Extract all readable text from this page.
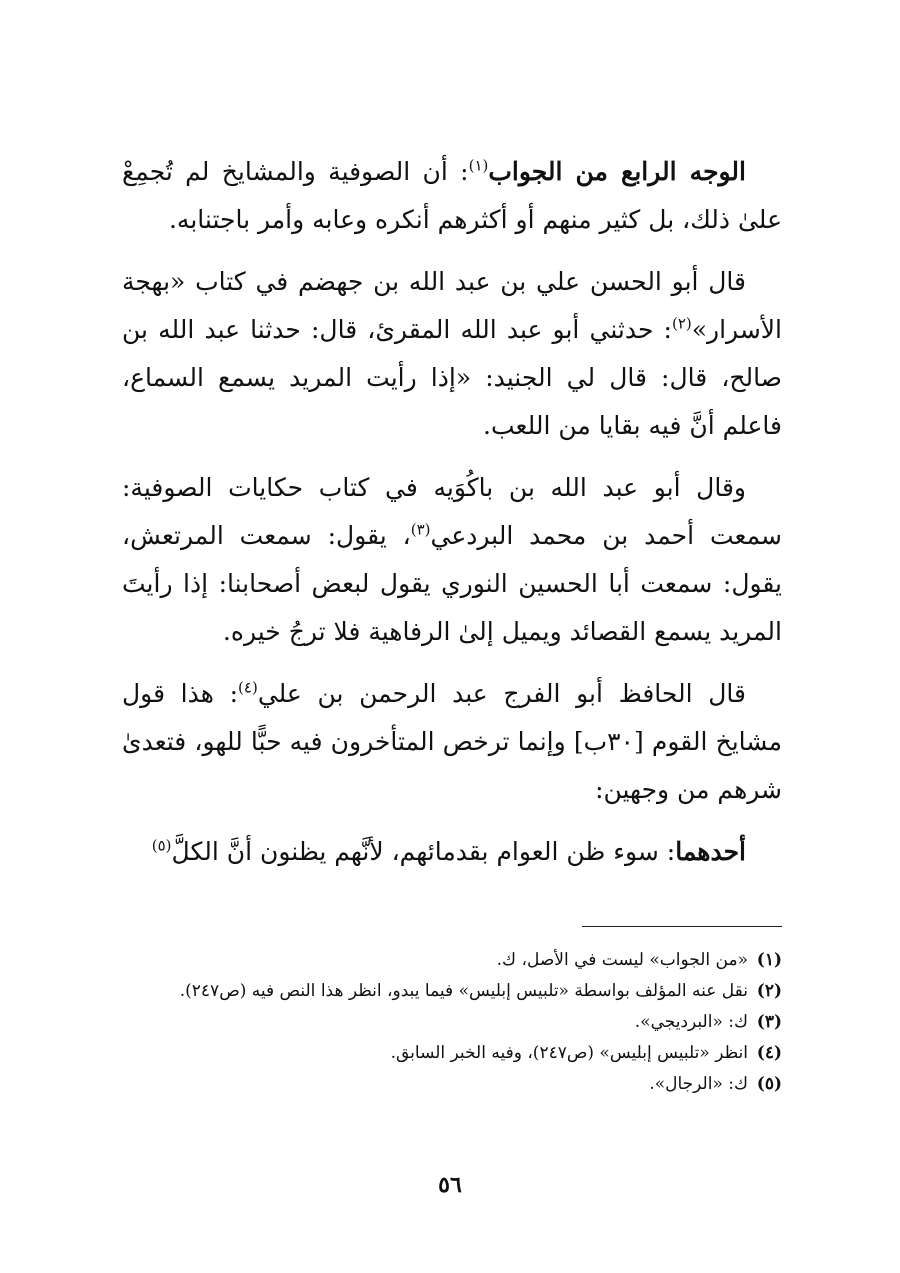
الوجه الرابع من الجواب$^{(١)}$: أن الصوفية والمشايخ لم تُجمِعْ علىٰ ذلك، بل كثير منهم أو أكثرهم أنكره وعابه وأمر باجتنابه.

قال أبو الحسن علي بن عبد الله بن جهضم في كتاب «بهجة الأسرار»$^{(٢)}$: حدثني أبو عبد الله المقرئ، قال: حدثنا عبد الله بن صالح، قال: قال لي الجنيد: «إذا رأيت المريد يسمع السماع، فاعلم أنَّ فيه بقايا من اللعب.

وقال أبو عبد الله بن باكُوَيه في كتاب حكايات الصوفية: سمعت أحمد بن محمد البردعي$^{(٣)}$، يقول: سمعت المرتعش، يقول: سمعت أبا الحسين النوري يقول لبعض أصحابنا: إذا رأيتَ المريد يسمع القصائد ويميل إلىٰ الرفاهية فلا ترجُ خيره.

قال الحافظ أبو الفرج عبد الرحمن بن علي$^{(٤)}$: هذا قول مشايخ القوم [٣٠ب] وإنما ترخص المتأخرون فيه حبًّا للهو، فتعدىٰ شرهم من وجهين:

أحدهما: سوء ظن العوام بقدمائهم، لأنَّهم يظنون أنَّ الكلَّ$^{(٥)}$

(١)«من الجواب» ليست في الأصل، ك.

(٢)نقل عنه المؤلف بواسطة «تلبيس إبليس» فيما يبدو، انظر هذا النص فيه (ص٢٤٧).

(٣)ك: «البرديجي».

(٤)انظر «تلبيس إبليس» (ص٢٤٧)، وفيه الخبر السابق.

(٥)ك: «الرجال».

٥٦
